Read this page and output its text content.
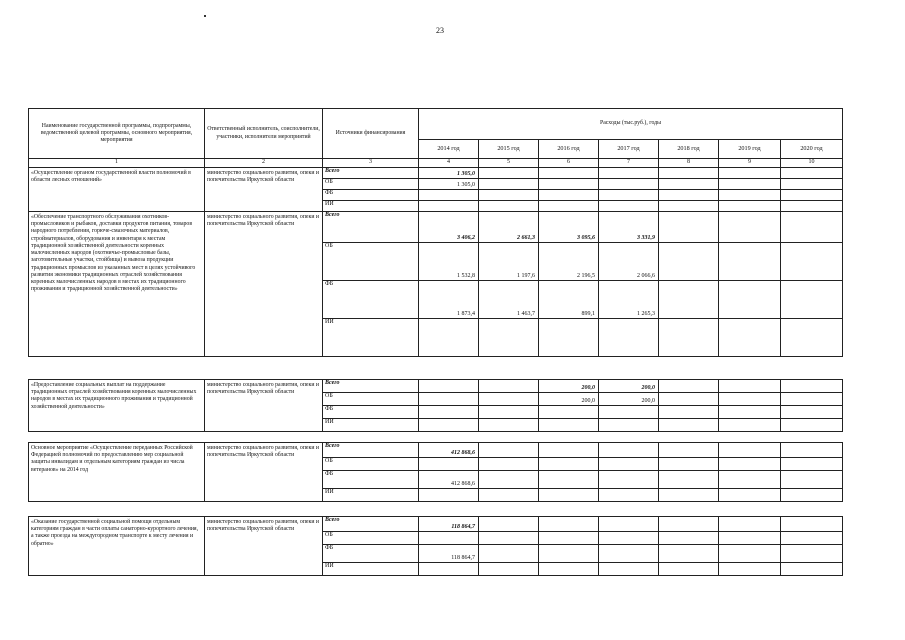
23
Наименование государственной программы, подпрограммы, ведомственной целевой программы, основного мероприятия, мероприятия	Ответственный исполнитель, соисполнители, участники, исполнители мероприятий	Источники финансирования	Расходы (тыс.руб.), годы						
			2014 год	2015 год	2016 год	2017 год	2018 год	2019 год	2020 год
1	2	3	4	5	6	7	8	9	10
«Осуществление органом государственной власти полномочий в области лесных отношений»	министерство социального развития, опеки и попечительства Иркутской области	Всего	1 305,0						
		ОБ	1 305,0						
		ФБ							
		ИИ							
«Обеспечение транспортного обслуживания охотников-промысловиков и рыбаков, доставки продуктов питания, товаров народного потребления, горюче-смазочных материалов, стройматериалов, оборудования и инвентаря к местам традиционной хозяйственной деятельности коренных малочисленных народов (охотничье-промысловые базы, заготовительные участки, стойбища) и вывоза продукции традиционных промыслов из указанных мест в целях устойчивого развития экономики традиционных отраслей хозяйствования коренных малочисленных народов в местах их традиционного проживания и традиционной хозяйственной деятельности»	министерство социального развития, опеки и попечительства Иркутской области	Всего	3 406,2	2 661,3	3 095,6	3 331,9			
		ОБ	1 532,8	1 197,6	2 196,5	2 066,6			
		ФБ	1 873,4	1 463,7	899,1	1 265,3			
		ИИ							

«Предоставление социальных выплат на поддержание традиционных отраслей хозяйствования коренных малочисленных народов в местах их традиционного проживания и традиционной хозяйственной деятельности»	министерство социального развития, опеки и попечительства Иркутской области	Всего			200,0	200,0			
		ОБ			200,0	200,0			
		ФБ							
		ИИ							

Основное мероприятие «Осуществление переданных Российской Федерацией полномочий по предоставлению мер социальной защиты инвалидам и отдельным категориям граждан из числа ветеранов» на 2014 год	министерство социального развития, опеки и попечительства Иркутской области	Всего	412 868,6						
		ОБ							
		ФБ	412 868,6						
		ИИ							

«Оказание государственной социальной помощи отдельным категориям граждан в части оплаты санаторно-курортного лечения, а также проезда на междугородном транспорте к месту лечения и обратно»	министерство социального развития, опеки и попечительства Иркутской области	Всего	118 864,7						
		ОБ							
		ФБ	118 864,7						
		ИИ							
